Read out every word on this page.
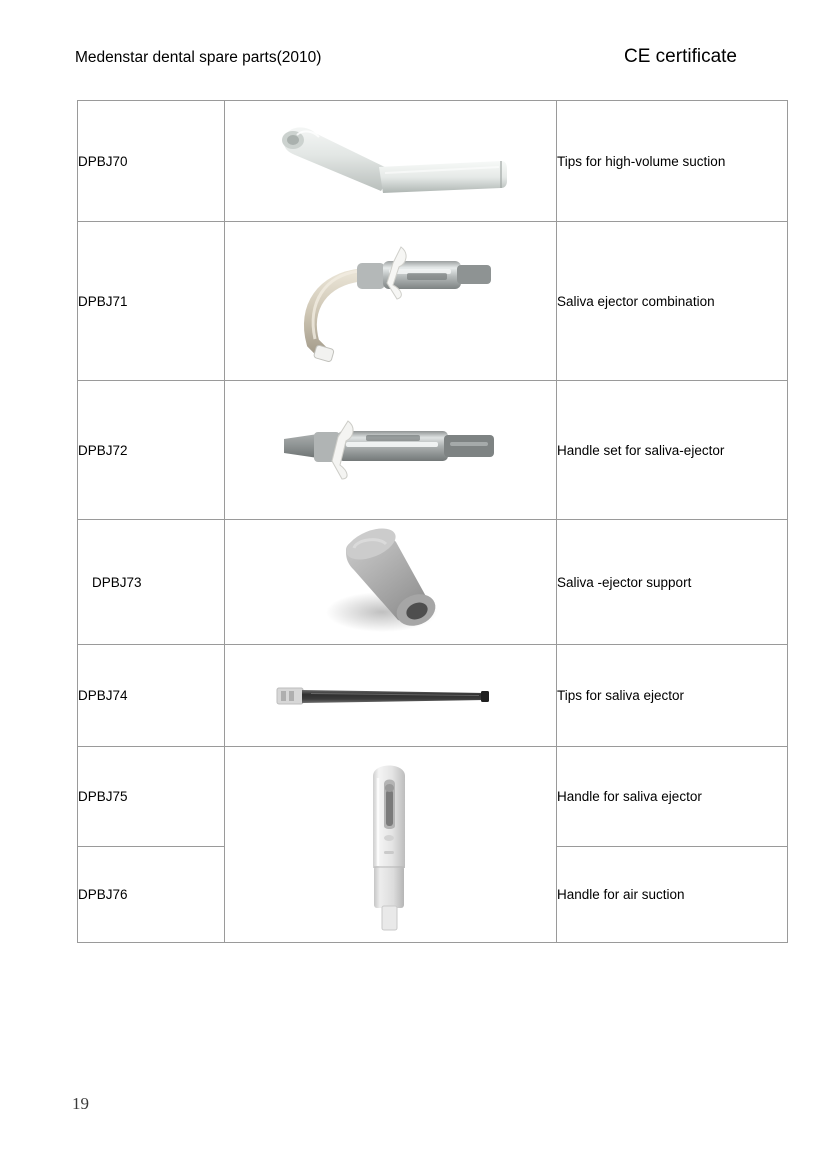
Medenstar dental spare parts(2010)	CE certificate
DPBJ70		Tips for high-volume suction
DPBJ71		Saliva ejector combination
DPBJ72		Handle set for saliva-ejector

DPBJ73		Saliva -ejector support
DPBJ74		Tips for saliva ejector
DPBJ75		Handle for saliva ejector
DPBJ76		Handle for air suction
19
